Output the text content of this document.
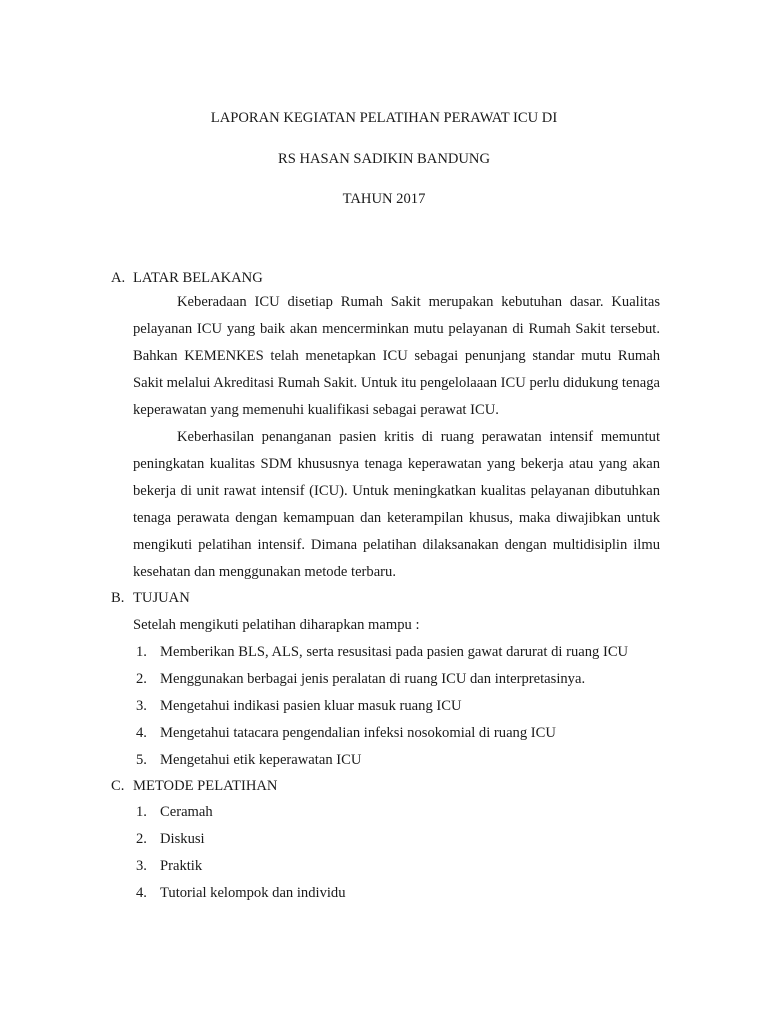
LAPORAN KEGIATAN PELATIHAN PERAWAT ICU DI
RS HASAN SADIKIN BANDUNG
TAHUN 2017
A. LATAR BELAKANG

Keberadaan ICU disetiap Rumah Sakit merupakan kebutuhan dasar. Kualitas pelayanan ICU yang baik akan mencerminkan mutu pelayanan di Rumah Sakit tersebut. Bahkan KEMENKES telah menetapkan ICU sebagai penunjang standar mutu Rumah Sakit melalui Akreditasi Rumah Sakit. Untuk itu pengelolaaan ICU perlu didukung tenaga keperawatan yang memenuhi kualifikasi sebagai perawat ICU.

Keberhasilan penanganan pasien kritis di ruang perawatan intensif memuntut peningkatan kualitas SDM khususnya tenaga keperawatan yang bekerja atau yang akan bekerja di unit rawat intensif (ICU). Untuk meningkatkan kualitas pelayanan dibutuhkan tenaga perawata dengan kemampuan dan keterampilan khusus, maka diwajibkan untuk mengikuti pelatihan intensif. Dimana pelatihan dilaksanakan dengan multidisiplin ilmu kesehatan dan menggunakan metode terbaru.

B. TUJUAN
Setelah mengikuti pelatihan diharapkan mampu :
1. Memberikan BLS, ALS, serta resusitasi pada pasien gawat darurat di ruang ICU
2. Menggunakan berbagai jenis peralatan di ruang ICU dan interpretasinya.
3. Mengetahui indikasi pasien kluar masuk ruang ICU
4. Mengetahui tatacara pengendalian infeksi nosokomial di ruang ICU
5. Mengetahui etik keperawatan ICU
C. METODE PELATIHAN
1. Ceramah
2. Diskusi
3. Praktik
4. Tutorial kelompok dan individu
